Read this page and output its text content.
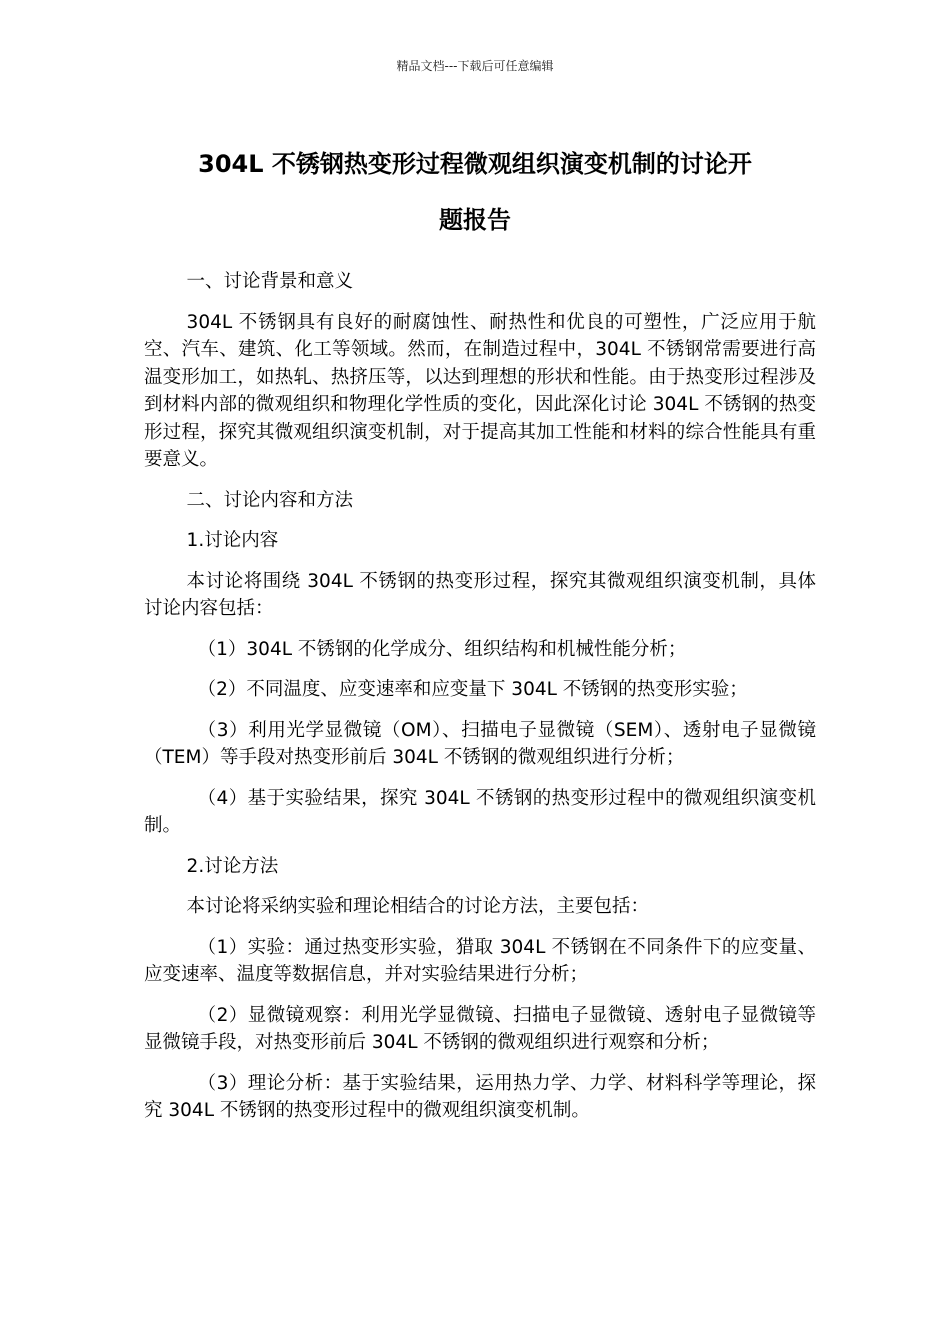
精品文档---下载后可任意编辑
304L 不锈钢热变形过程微观组织演变机制的讨论开
题报告

一、讨论背景和意义

304L 不锈钢具有良好的耐腐蚀性、耐热性和优良的可塑性，广泛应用于航空、汽车、建筑、化工等领域。然而，在制造过程中，304L 不锈钢常需要进行高温变形加工，如热轧、热挤压等，以达到理想的形状和性能。由于热变形过程涉及到材料内部的微观组织和物理化学性质的变化，因此深化讨论 304L 不锈钢的热变形过程，探究其微观组织演变机制，对于提高其加工性能和材料的综合性能具有重要意义。

二、讨论内容和方法

1.讨论内容

本讨论将围绕 304L 不锈钢的热变形过程，探究其微观组织演变机制，具体讨论内容包括：

（1）304L 不锈钢的化学成分、组织结构和机械性能分析；

（2）不同温度、应变速率和应变量下 304L 不锈钢的热变形实验；

（3）利用光学显微镜（OM）、扫描电子显微镜（SEM）、透射电子显微镜（TEM）等手段对热变形前后 304L 不锈钢的微观组织进行分析；

（4）基于实验结果，探究 304L 不锈钢的热变形过程中的微观组织演变机制。

2.讨论方法

本讨论将采纳实验和理论相结合的讨论方法，主要包括：

（1）实验：通过热变形实验，猎取 304L 不锈钢在不同条件下的应变量、应变速率、温度等数据信息，并对实验结果进行分析；

（2）显微镜观察：利用光学显微镜、扫描电子显微镜、透射电子显微镜等显微镜手段，对热变形前后 304L 不锈钢的微观组织进行观察和分析；

（3）理论分析：基于实验结果，运用热力学、力学、材料科学等理论，探究 304L 不锈钢的热变形过程中的微观组织演变机制。
